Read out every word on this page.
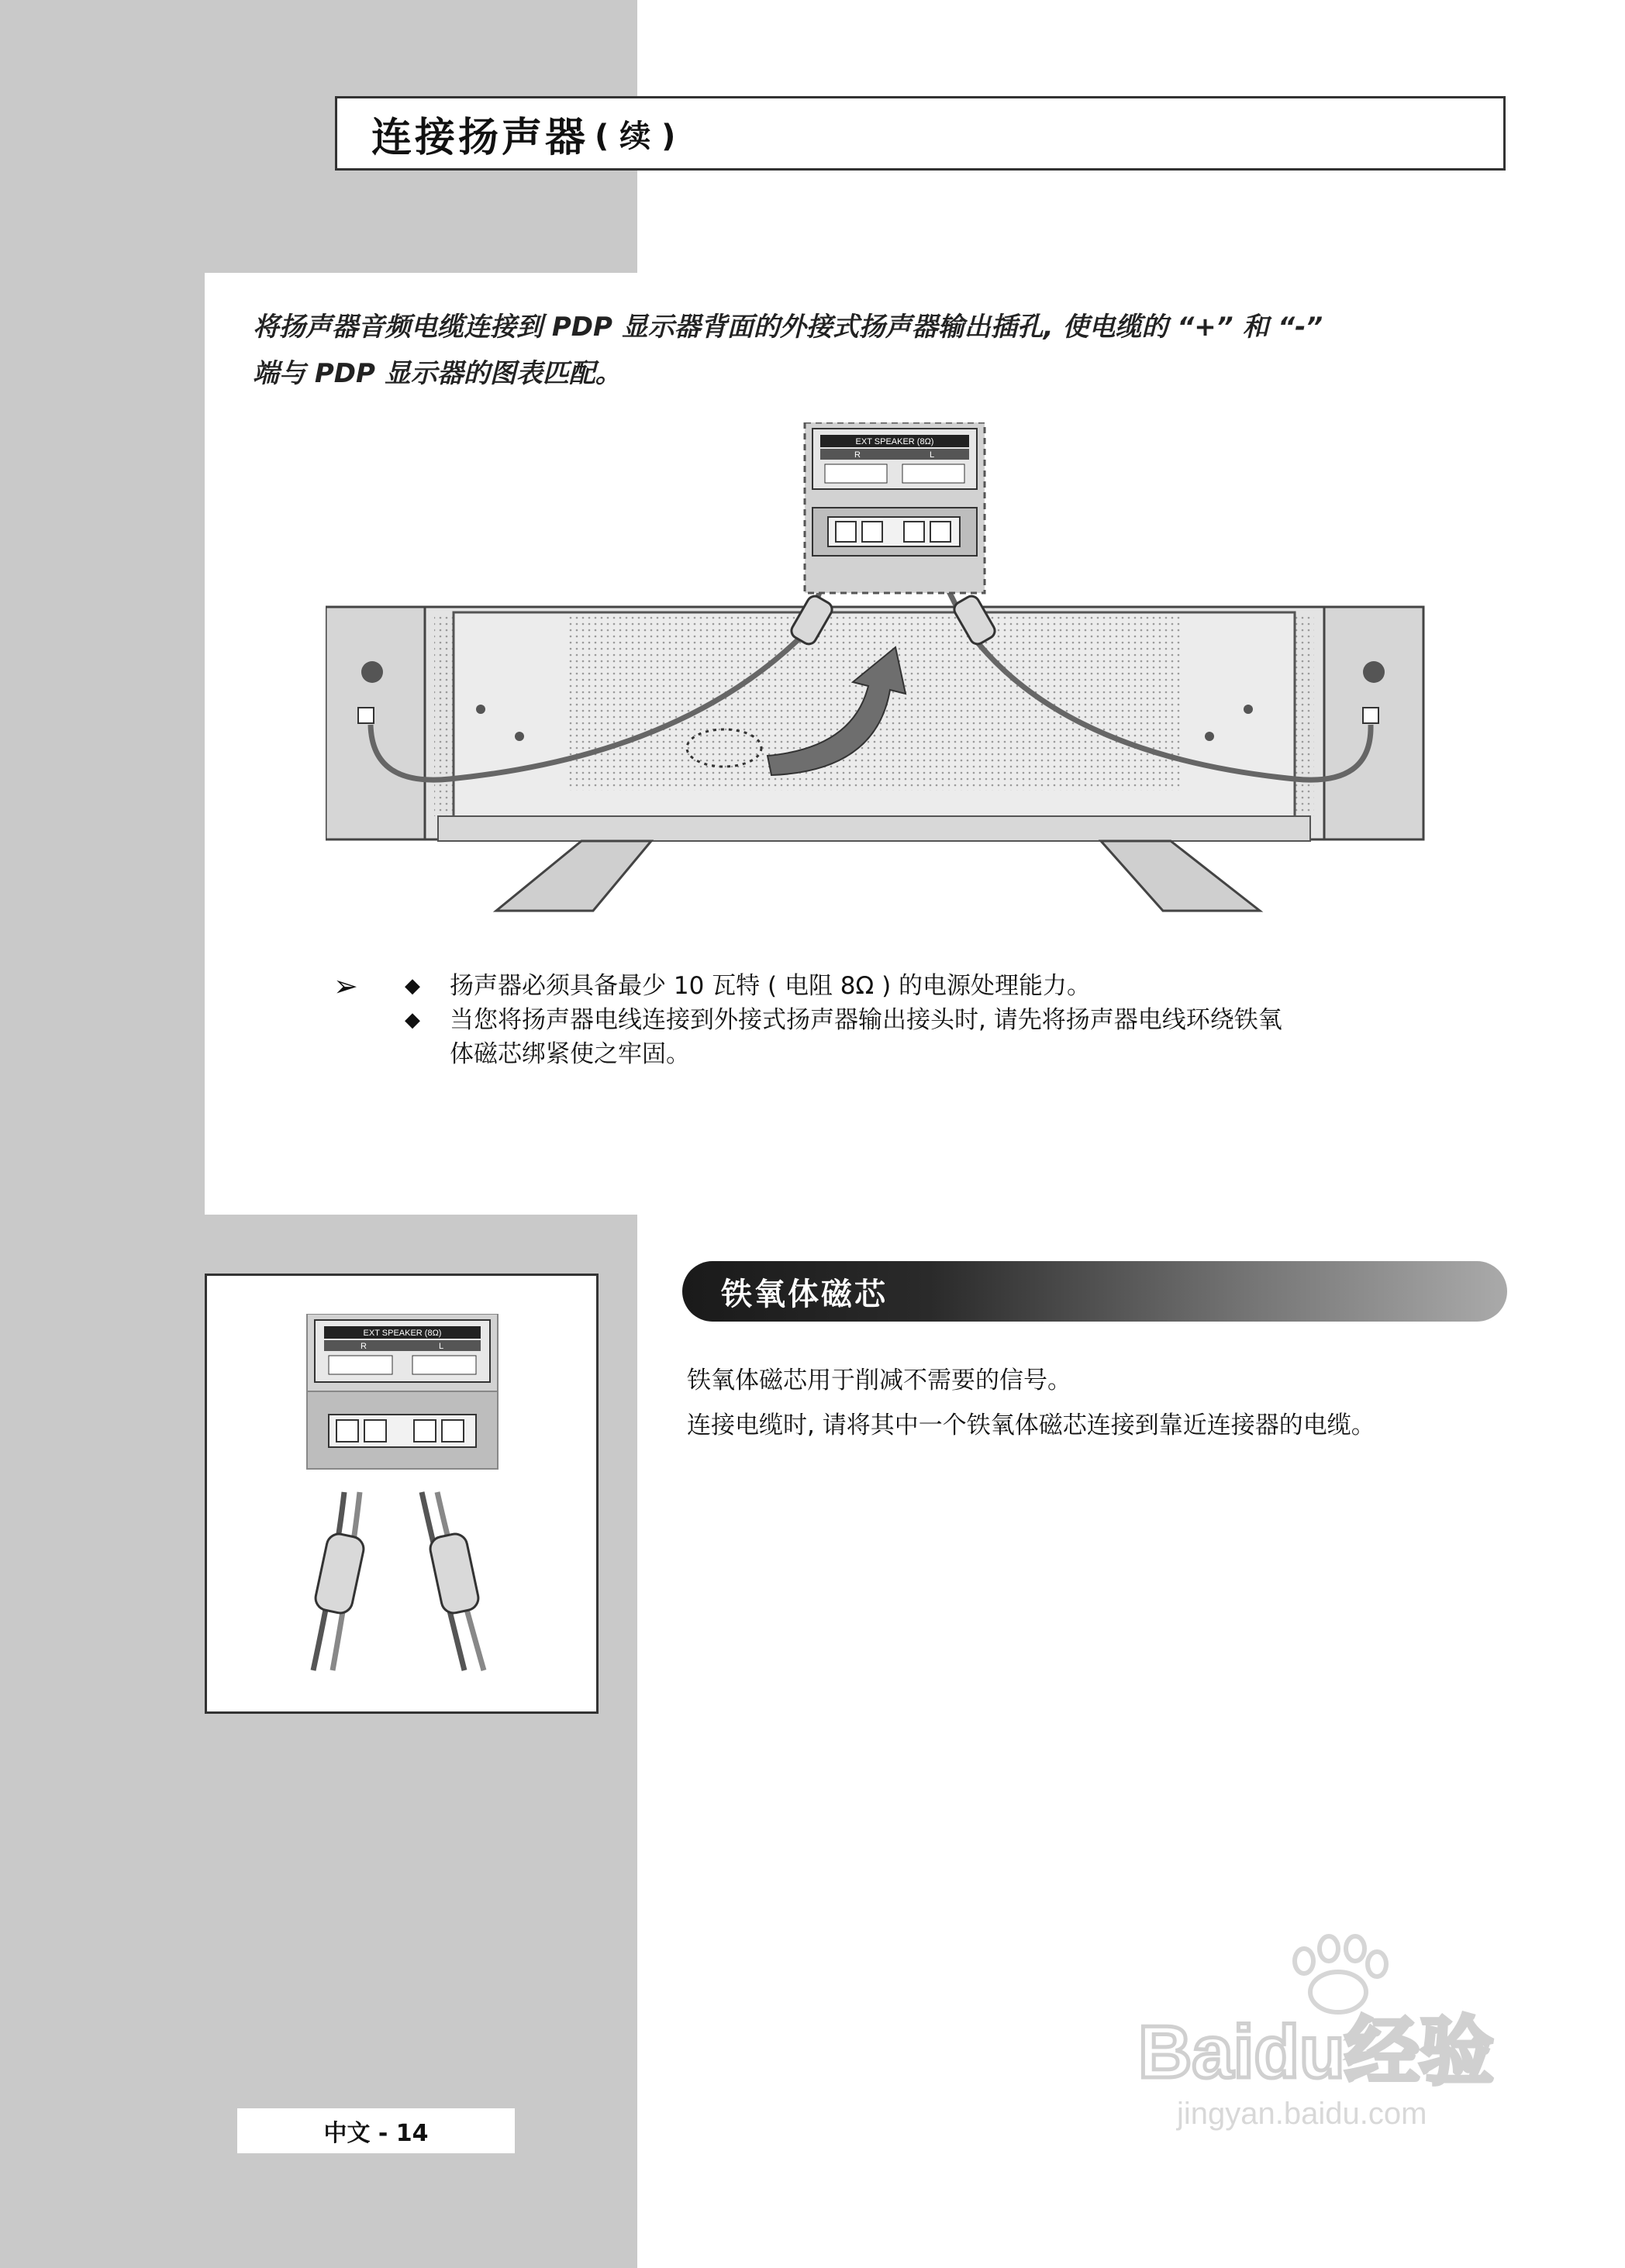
连接扬声器 ( 续 )
将扬声器音频电缆连接到 PDP 显示器背面的外接式扬声器输出插孔, 使电缆的 “+” 和 “-”
端与 PDP 显示器的图表匹配。
EXT SPEAKER (8Ω)
R	L
➢ ◆ 扬声器必须具备最少 10 瓦特 ( 电阻 8Ω ) 的电源处理能力。
◆ 当您将扬声器电线连接到外接式扬声器输出接头时, 请先将扬声器电线环绕铁氧
体磁芯绑紧使之牢固。
EXT SPEAKER (8Ω)
R	L
铁氧体磁芯
铁氧体磁芯用于削减不需要的信号。
连接电缆时, 请将其中一个铁氧体磁芯连接到靠近连接器的电缆。
中文 - 14
Baidu经验
jingyan.baidu.com
